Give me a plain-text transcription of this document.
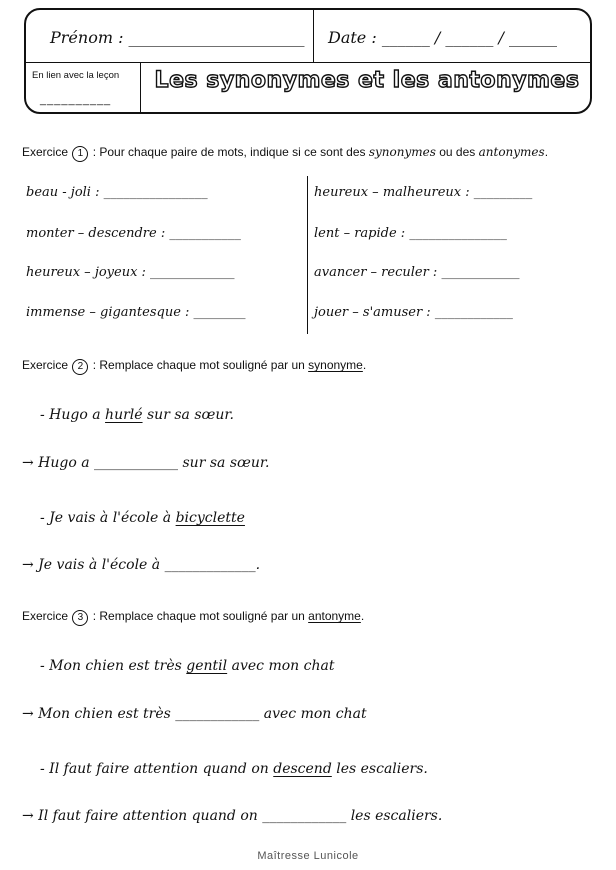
Prénom : ______________________ Date : ______ / ______ / ______
En lien avec la leçon
__________
Les synonymes et les antonymes
Exercice 1 : Pour chaque paire de mots, indique si ce sont des synonymes ou des antonymes.
beau - joli : ________________
monter – descendre : ___________
heureux – joyeux : _____________
immense – gigantesque : ________
heureux – malheureux : _________
lent – rapide : _______________
avancer – reculer : ____________
jouer – s'amuser : ____________
Exercice 2 : Remplace chaque mot souligné par un synonyme.
- Hugo a hurlé sur sa sœur.
→ Hugo a ____________ sur sa sœur.
- Je vais à l'école à bicyclette
→ Je vais à l'école à _____________.
Exercice 3 : Remplace chaque mot souligné par un antonyme.
- Mon chien est très gentil avec mon chat
→ Mon chien est très ____________ avec mon chat
- Il faut faire attention quand on descend les escaliers.
→ Il faut faire attention quand on ____________ les escaliers.
Maîtresse Lunicole
